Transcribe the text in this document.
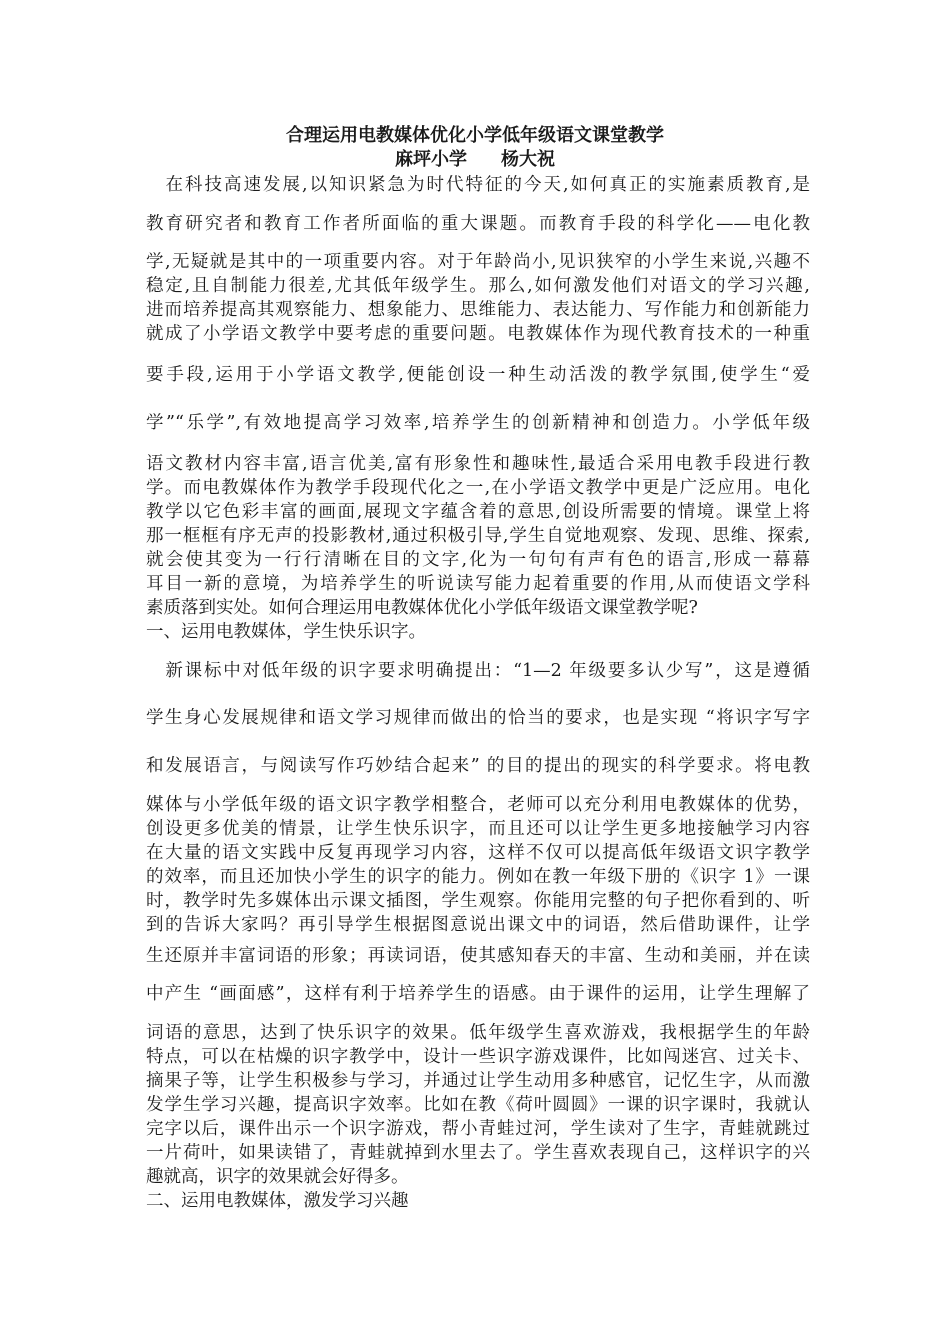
合理运用电教媒体优化小学低年级语文课堂教学
麻坪小学 杨大祝
　在科技高速发展,以知识紧急为时代特征的今天,如何真正的实施素质教育,是
教育研究者和教育工作者所面临的重大课题。而教育手段的科学化——电化教
学,无疑就是其中的一项重要内容。对于年龄尚小,见识狭窄的小学生来说,兴趣不
稳定,且自制能力很差,尤其低年级学生。那么,如何激发他们对语文的学习兴趣,
进而培养提高其观察能力、想象能力、思维能力、表达能力、写作能力和创新能力
就成了小学语文教学中要考虑的重要问题。电教媒体作为现代教育技术的一种重
要手段,运用于小学语文教学,便能创设一种生动活泼的教学氛围,使学生“爱
学”“乐学”,有效地提高学习效率,培养学生的创新精神和创造力。小学低年级
语文教材内容丰富,语言优美,富有形象性和趣味性,最适合采用电教手段进行教
学。而电教媒体作为教学手段现代化之一,在小学语文教学中更是广泛应用。电化
教学以它色彩丰富的画面,展现文字蕴含着的意思,创设所需要的情境。课堂上将
那一框框有序无声的投影教材,通过积极引导,学生自觉地观察、发现、思维、探索,
就会使其变为一行行清晰在目的文字,化为一句句有声有色的语言,形成一幕幕
耳目一新的意境，为培养学生的听说读写能力起着重要的作用,从而使语文学科
素质落到实处。如何合理运用电教媒体优化小学低年级语文课堂教学呢?
一、运用电教媒体，学生快乐识字。
　新课标中对低年级的识字要求明确提出：“1—2 年级要多认少写”，这是遵循
学生身心发展规律和语文学习规律而做出的恰当的要求，也是实现 “将识字写字
和发展语言，与阅读写作巧妙结合起来” 的目的提出的现实的科学要求。将电教
媒体与小学低年级的语文识字教学相整合，老师可以充分利用电教媒体的优势，
创设更多优美的情景，让学生快乐识字，而且还可以让学生更多地接触学习内容
在大量的语文实践中反复再现学习内容，这样不仅可以提高低年级语文识字教学
的效率，而且还加快小学生的识字的能力。例如在教一年级下册的《识字 1》一课
时，教学时先多媒体出示课文插图，学生观察。你能用完整的句子把你看到的、听
到的告诉大家吗？再引导学生根据图意说出课文中的词语，然后借助课件，让学
生还原并丰富词语的形象；再读词语，使其感知春天的丰富、生动和美丽，并在读
中产生 “画面感”，这样有利于培养学生的语感。由于课件的运用，让学生理解了
词语的意思，达到了快乐识字的效果。低年级学生喜欢游戏，我根据学生的年龄
特点，可以在枯燥的识字教学中，设计一些识字游戏课件，比如闯迷宫、过关卡、
摘果子等，让学生积极参与学习，并通过让学生动用多种感官，记忆生字，从而激
发学生学习兴趣，提高识字效率。比如在教《荷叶圆圆》一课的识字课时，我就认
完字以后，课件出示一个识字游戏，帮小青蛙过河，学生读对了生字，青蛙就跳过
一片荷叶，如果读错了，青蛙就掉到水里去了。学生喜欢表现自己，这样识字的兴
趣就高，识字的效果就会好得多。
二、运用电教媒体，激发学习兴趣
